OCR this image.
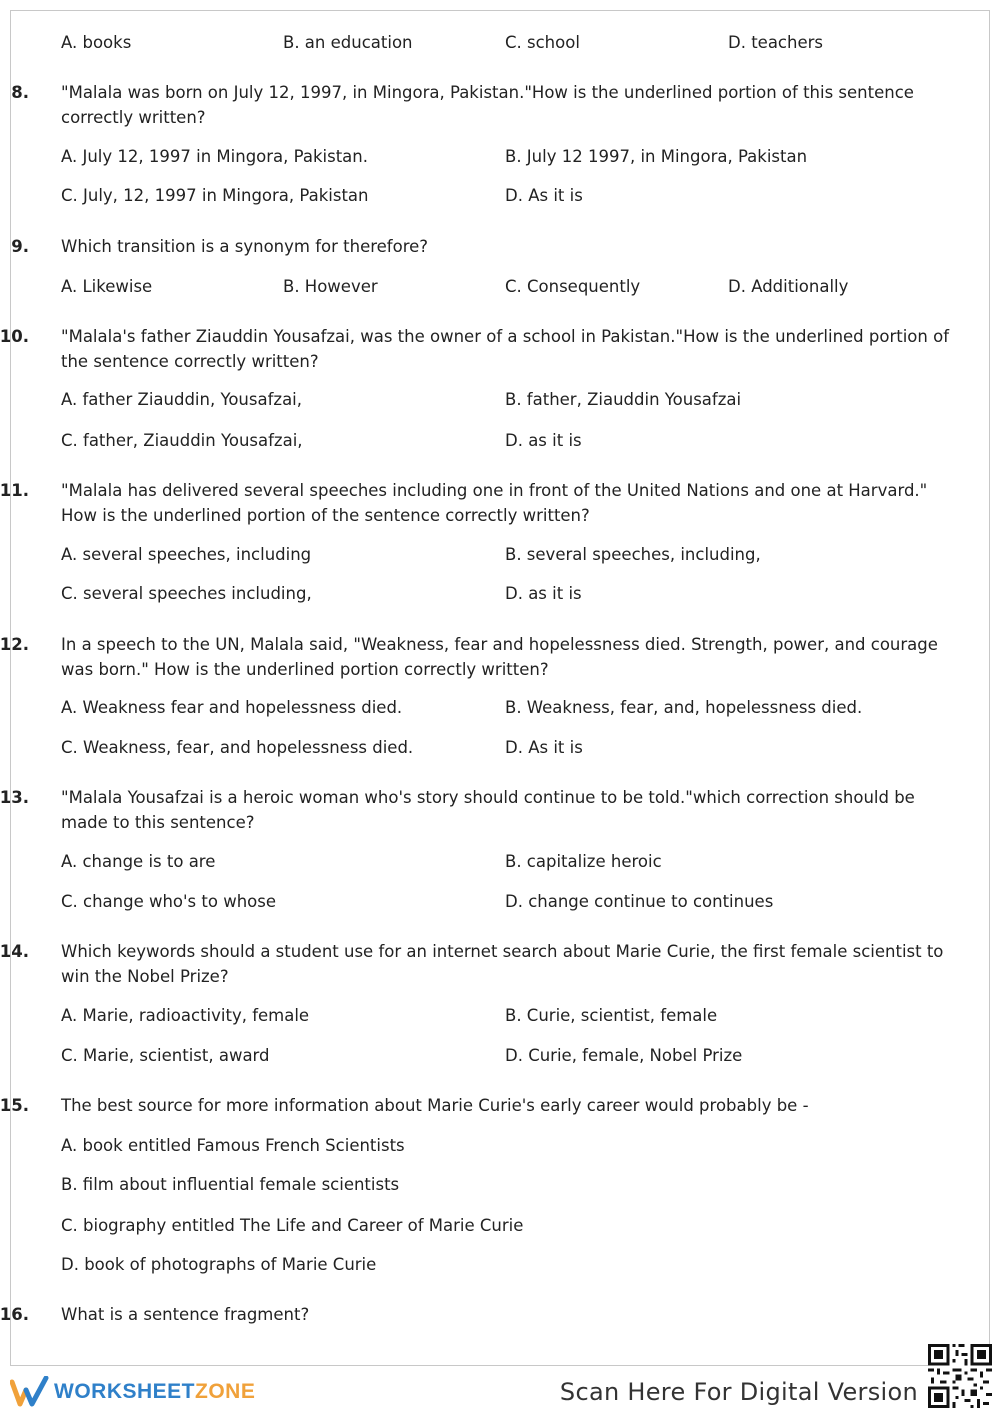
A. books	B. an education	C. school	D. teachers
8. "Malala was born on July 12, 1997, in Mingora, Pakistan."How is the underlined portion of this sentence correctly written?
A. July 12, 1997 in Mingora, Pakistan.	B. July 12 1997, in Mingora, Pakistan
C. July, 12, 1997 in Mingora, Pakistan	D. As it is
9. Which transition is a synonym for therefore?
A. Likewise	B. However	C. Consequently	D. Additionally
10. "Malala's father Ziauddin Yousafzai, was the owner of a school in Pakistan."How is the underlined portion of the sentence correctly written?
A. father Ziauddin, Yousafzai,	B. father, Ziauddin Yousafzai
C. father, Ziauddin Yousafzai,	D. as it is
11. "Malala has delivered several speeches including one in front of the United Nations and one at Harvard." How is the underlined portion of the sentence correctly written?
A. several speeches, including	B. several speeches, including,
C. several speeches including,	D. as it is
12. In a speech to the UN, Malala said, "Weakness, fear and hopelessness died. Strength, power, and courage was born." How is the underlined portion correctly written?
A. Weakness fear and hopelessness died.	B. Weakness, fear, and, hopelessness died.
C. Weakness, fear, and hopelessness died.	D. As it is
13. "Malala Yousafzai is a heroic woman who's story should continue to be told."which correction should be made to this sentence?
A. change is to are	B. capitalize heroic
C. change who's to whose	D. change continue to continues
14. Which keywords should a student use for an internet search about Marie Curie, the first female scientist to win the Nobel Prize?
A. Marie, radioactivity, female	B. Curie, scientist, female
C. Marie, scientist, award	D. Curie, female, Nobel Prize
15. The best source for more information about Marie Curie's early career would probably be -
A. book entitled Famous French Scientists
B. film about influential female scientists
C. biography entitled The Life and Career of Marie Curie
D. book of photographs of Marie Curie
16. What is a sentence fragment?
WORKSHEETZONE	Scan Here For Digital Version
